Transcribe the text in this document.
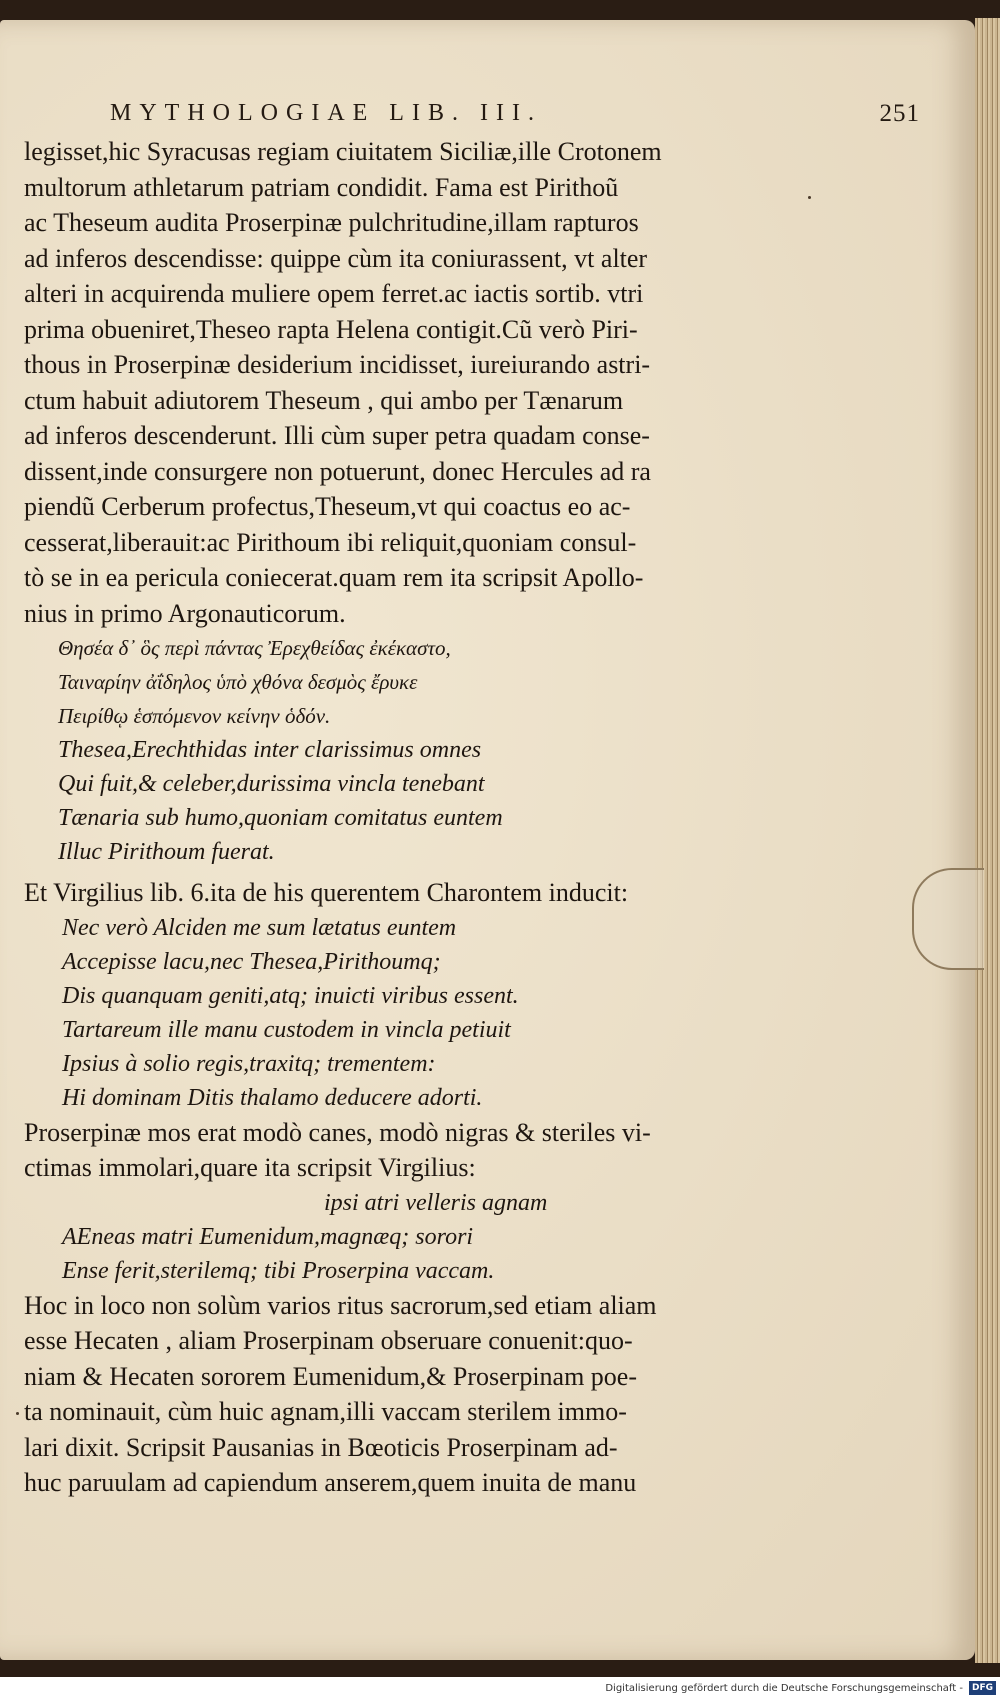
MYTHOLOGIAE LIB. III.	251
legisset,hic Syracusas regiam ciuitatem Siciliæ,ille Crotonem
multorum athletarum patriam condidit. Fama est Pirithoũ
ac Theseum audita Proserpinæ pulchritudine,illam rapturos
ad inferos descendisse: quippe cùm ita coniurassent, vt alter
alteri in acquirenda muliere opem ferret.ac iactis sortib. vtri
prima obueniret,Theseo rapta Helena contigit.Cũ verò Piri-
thous in Proserpinæ desiderium incidisset, iureiurando astri-
ctum habuit adiutorem Theseum , qui ambo per Tænarum
ad inferos descenderunt. Illi cùm super petra quadam conse-
dissent,inde consurgere non potuerunt, donec Hercules ad ra
piendũ Cerberum profectus,Theseum,vt qui coactus eo ac-
cesserat,liberauit:ac Pirithoum ibi reliquit,quoniam consul-
tò se in ea pericula coniecerat.quam rem ita scripsit Apollo-
nius in primo Argonauticorum.
Θησέα δ᾽ ὃς περὶ πάντας Ἐρεχθείδας ἐκέκαστο,
Ταιναρίην ἀΐδηλος ὑπὸ χθόνα δεσμὸς ἔρυκε
Πειρίθῳ ἑσπόμενον κείνην ὁδόν.
Thesea,Erechthidas inter clarissimus omnes
Qui fuit,& celeber,durissima vincla tenebant
Tænaria sub humo,quoniam comitatus euntem
Illuc Pirithoum fuerat.
Et Virgilius lib. 6.ita de his querentem Charontem inducit:
Nec verò Alciden me sum lætatus euntem
Accepisse lacu,nec Thesea,Pirithoumq;
Dis quanquam geniti,atq; inuicti viribus essent.
Tartareum ille manu custodem in vincla petiuit
Ipsius à solio regis,traxitq; trementem:
Hi dominam Ditis thalamo deducere adorti.
Proserpinæ mos erat modò canes, modò nigras & steriles vi-
ctimas immolari,quare ita scripsit Virgilius:
ipsi atri velleris agnam
AEneas matri Eumenidum,magnæq; sorori
Ense ferit,sterilemq; tibi Proserpina vaccam.
Hoc in loco non solùm varios ritus sacrorum,sed etiam aliam
esse Hecaten , aliam Proserpinam obseruare conuenit:quo-
niam & Hecaten sororem Eumenidum,& Proserpinam poe-
ta nominauit, cùm huic agnam,illi vaccam sterilem immo-
lari dixit. Scripsit Pausanias in Bœoticis Proserpinam ad-
huc paruulam ad capiendum anserem,quem inuita de manu
Digitalisierung gefördert durch die Deutsche Forschungsgemeinschaft - DFG
